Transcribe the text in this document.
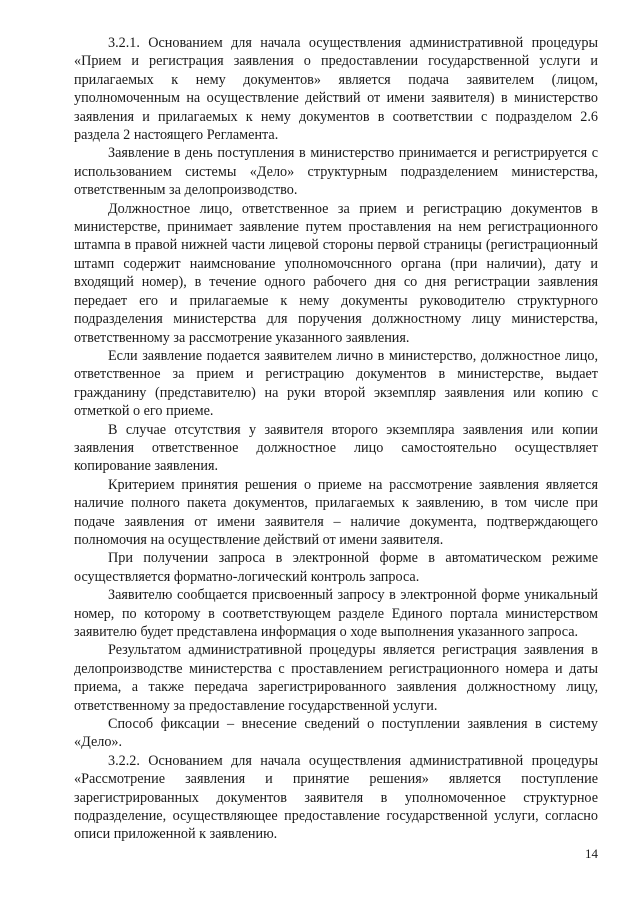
3.2.1. Основанием для начала осуществления административной процедуры «Прием и регистрация заявления о предоставлении государственной услуги и прилагаемых к нему документов» является подача заявителем (лицом, уполномоченным на осуществление действий от имени заявителя) в министерство заявления и прилагаемых к нему документов в соответствии с подразделом 2.6 раздела 2 настоящего Регламента.

Заявление в день поступления в министерство принимается и регистрируется с использованием системы «Дело» структурным подразделением министерства, ответственным за делопроизводство.

Должностное лицо, ответственное за прием и регистрацию документов в министерстве, принимает заявление путем проставления на нем регистрационного штампа в правой нижней части лицевой стороны первой страницы (регистрационный штамп содержит наимснование уполномочснного органа (при наличии), дату и входящий номер), в течение одного рабочего дня со дня регистрации заявления передает его и прилагаемые к нему документы руководителю структурного подразделения министерства для поручения должностному лицу министерства, ответственному за рассмотрение указанного заявления.

Если заявление подается заявителем лично в министерство, должностное лицо, ответственное за прием и регистрацию документов в министерстве, выдает гражданину (представителю) на руки второй экземпляр заявления или копию с отметкой о его приеме.

В случае отсутствия у заявителя второго экземпляра заявления или копии заявления ответственное должностное лицо самостоятельно осуществляет копирование заявления.

Критерием принятия решения о приеме на рассмотрение заявления является наличие полного пакета документов, прилагаемых к заявлению, в том числе при подаче заявления от имени заявителя – наличие документа, подтверждающего полномочия на осуществление действий от имени заявителя.

При получении запроса в электронной форме в автоматическом режиме осуществляется форматно-логический контроль запроса.

Заявителю сообщается присвоенный запросу в электронной форме уникальный номер, по которому в соответствующем разделе Единого портала министерством заявителю будет представлена информация о ходе выполнения указанного запроса.

Результатом административной процедуры является регистрация заявления в делопроизводстве министерства с проставлением регистрационного номера и даты приема, а также передача зарегистрированного заявления должностному лицу, ответственному за предоставление государственной услуги.

Способ фиксации – внесение сведений о поступлении заявления в систему «Дело».

3.2.2. Основанием для начала осуществления административной процедуры «Рассмотрение заявления и принятие решения» является поступление зарегистрированных документов заявителя в уполномоченное структурное подразделение, осуществляющее предоставление государственной услуги, согласно описи приложенной к заявлению.

14
